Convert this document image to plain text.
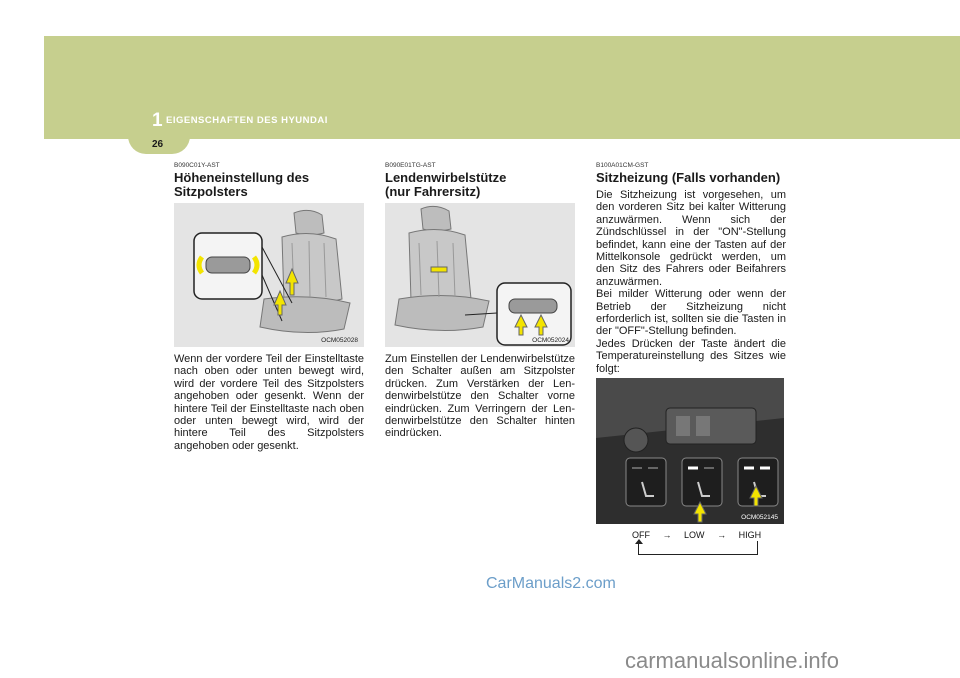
1 EIGENSCHAFTEN DES HYUNDAI
26

B090C01Y-AST

Höheneinstellung des
Sitzpolsters

OCM052028

Wenn der vordere Teil der Einstelltaste nach oben oder unten bewegt wird, wird der vordere Teil des Sitzpolsters angehoben oder gesenkt. Wenn der hintere Teil der Einstelltaste nach oben oder unten bewegt wird, wird der hintere Teil des Sitzpolsters angehoben oder gesenkt.

B090E01TG-AST

Lendenwirbelstütze
(nur Fahrersitz)

OCM052024

Zum Einstellen der Lendenwirbelstütze den Schalter außen am Sitzpolster drücken. Zum Verstärken der Len- denwirbelstütze den Schalter vorne eindrücken. Zum Verringern der Len- denwirbelstütze den Schalter hinten eindrücken.

B100A01CM-GST

Sitzheizung (Falls vorhanden)

Die Sitzheizung ist vorgesehen, um den vorderen Sitz bei kalter Witterung anzuwärmen. Wenn sich der Zündschlüssel in der "ON"-Stellung befindet, kann eine der Tasten auf der Mittelkonsole gedrückt werden, um den Sitz des Fahrers oder Beifahrers anzuwärmen.

Bei milder Witterung oder wenn der Betrieb der Sitzheizung nicht erforderlich ist, sollten sie die Tasten in der "OFF"-Stellung befinden.

Jedes Drücken der Taste ändert die Temperatureinstellung des Sitzes wie folgt:

OCM052145
OFF → LOW → HIGH
CarManuals2.com
carmanualsonline.info
